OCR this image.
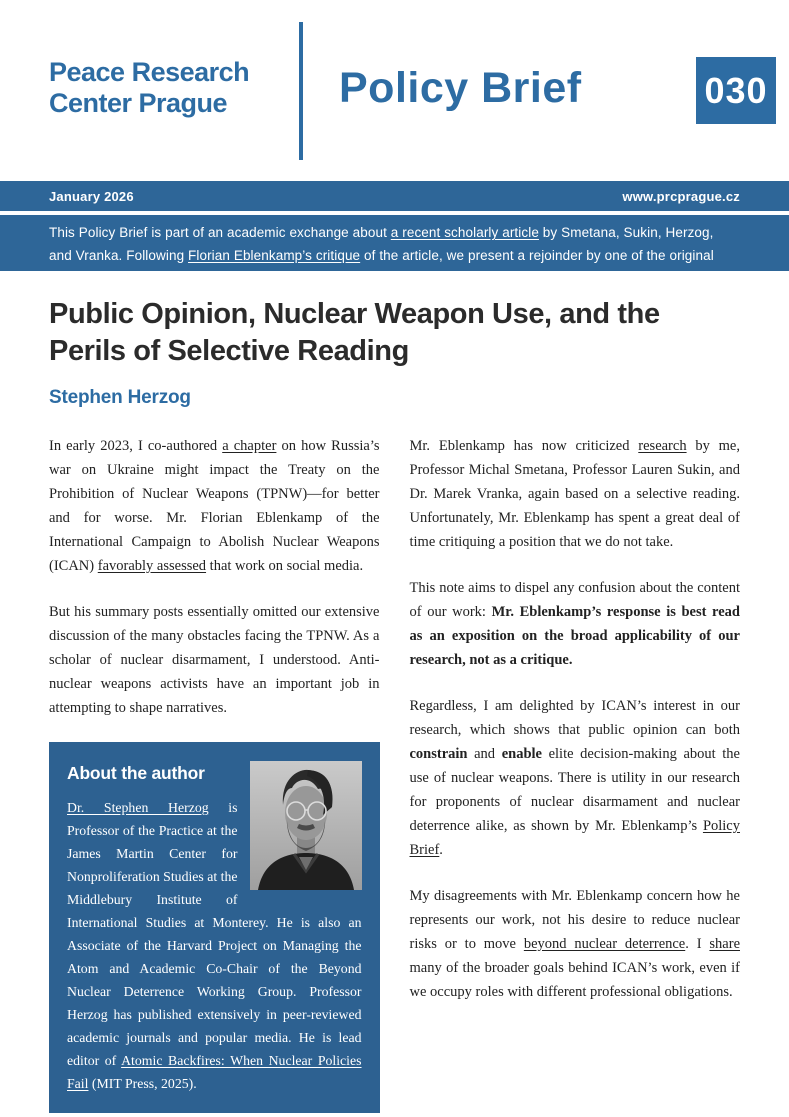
Peace Research
Center Prague	Policy Brief	030
January 2026	www.prcprague.cz
This Policy Brief is part of an academic exchange about a recent scholarly article by Smetana, Sukin, Herzog, and Vranka. Following Florian Eblenkamp’s critique of the article, we present a rejoinder by one of the original authors, Stephen Herzog.
Public Opinion, Nuclear Weapon Use, and the Perils of Selective Reading
Stephen Herzog

In early 2023, I co-authored a chapter on how Russia’s war on Ukraine might impact the Treaty on the Prohibition of Nuclear Weapons (TPNW)—for better and for worse. Mr. Florian Eblenkamp of the International Campaign to Abolish Nuclear Weapons (ICAN) favorably assessed that work on social media.

But his summary posts essentially omitted our extensive discussion of the many obstacles facing the TPNW. As a scholar of nuclear disarmament, I understood. Anti-nuclear weapons activists have an important job in attempting to shape narratives.

About the author
Dr. Stephen Herzog is Professor of the Practice at the James Martin Center for Nonproliferation Studies at the Middlebury Institute of International Studies at Monterey. He is also an Associate of the Harvard Project on Managing the Atom and Academic Co-Chair of the Beyond Nuclear Deterrence Working Group. Professor Herzog has published extensively in peer-reviewed academic journals and popular media. He is lead editor of Atomic Backfires: When Nuclear Policies Fail (MIT Press, 2025).

Mr. Eblenkamp has now criticized research by me, Professor Michal Smetana, Professor Lauren Sukin, and Dr. Marek Vranka, again based on a selective reading. Unfortunately, Mr. Eblenkamp has spent a great deal of time critiquing a position that we do not take.

This note aims to dispel any confusion about the content of our work: Mr. Eblenkamp’s response is best read as an exposition on the broad applicability of our research, not as a critique.

Regardless, I am delighted by ICAN’s interest in our research, which shows that public opinion can both constrain and enable elite decision-making about the use of nuclear weapons. There is utility in our research for proponents of nuclear disarmament and nuclear deterrence alike, as shown by Mr. Eblenkamp’s Policy Brief.

My disagreements with Mr. Eblenkamp concern how he represents our work, not his desire to reduce nuclear risks or to move beyond nuclear deterrence. I share many of the broader goals behind ICAN’s work, even if we occupy roles with different professional obligations.
